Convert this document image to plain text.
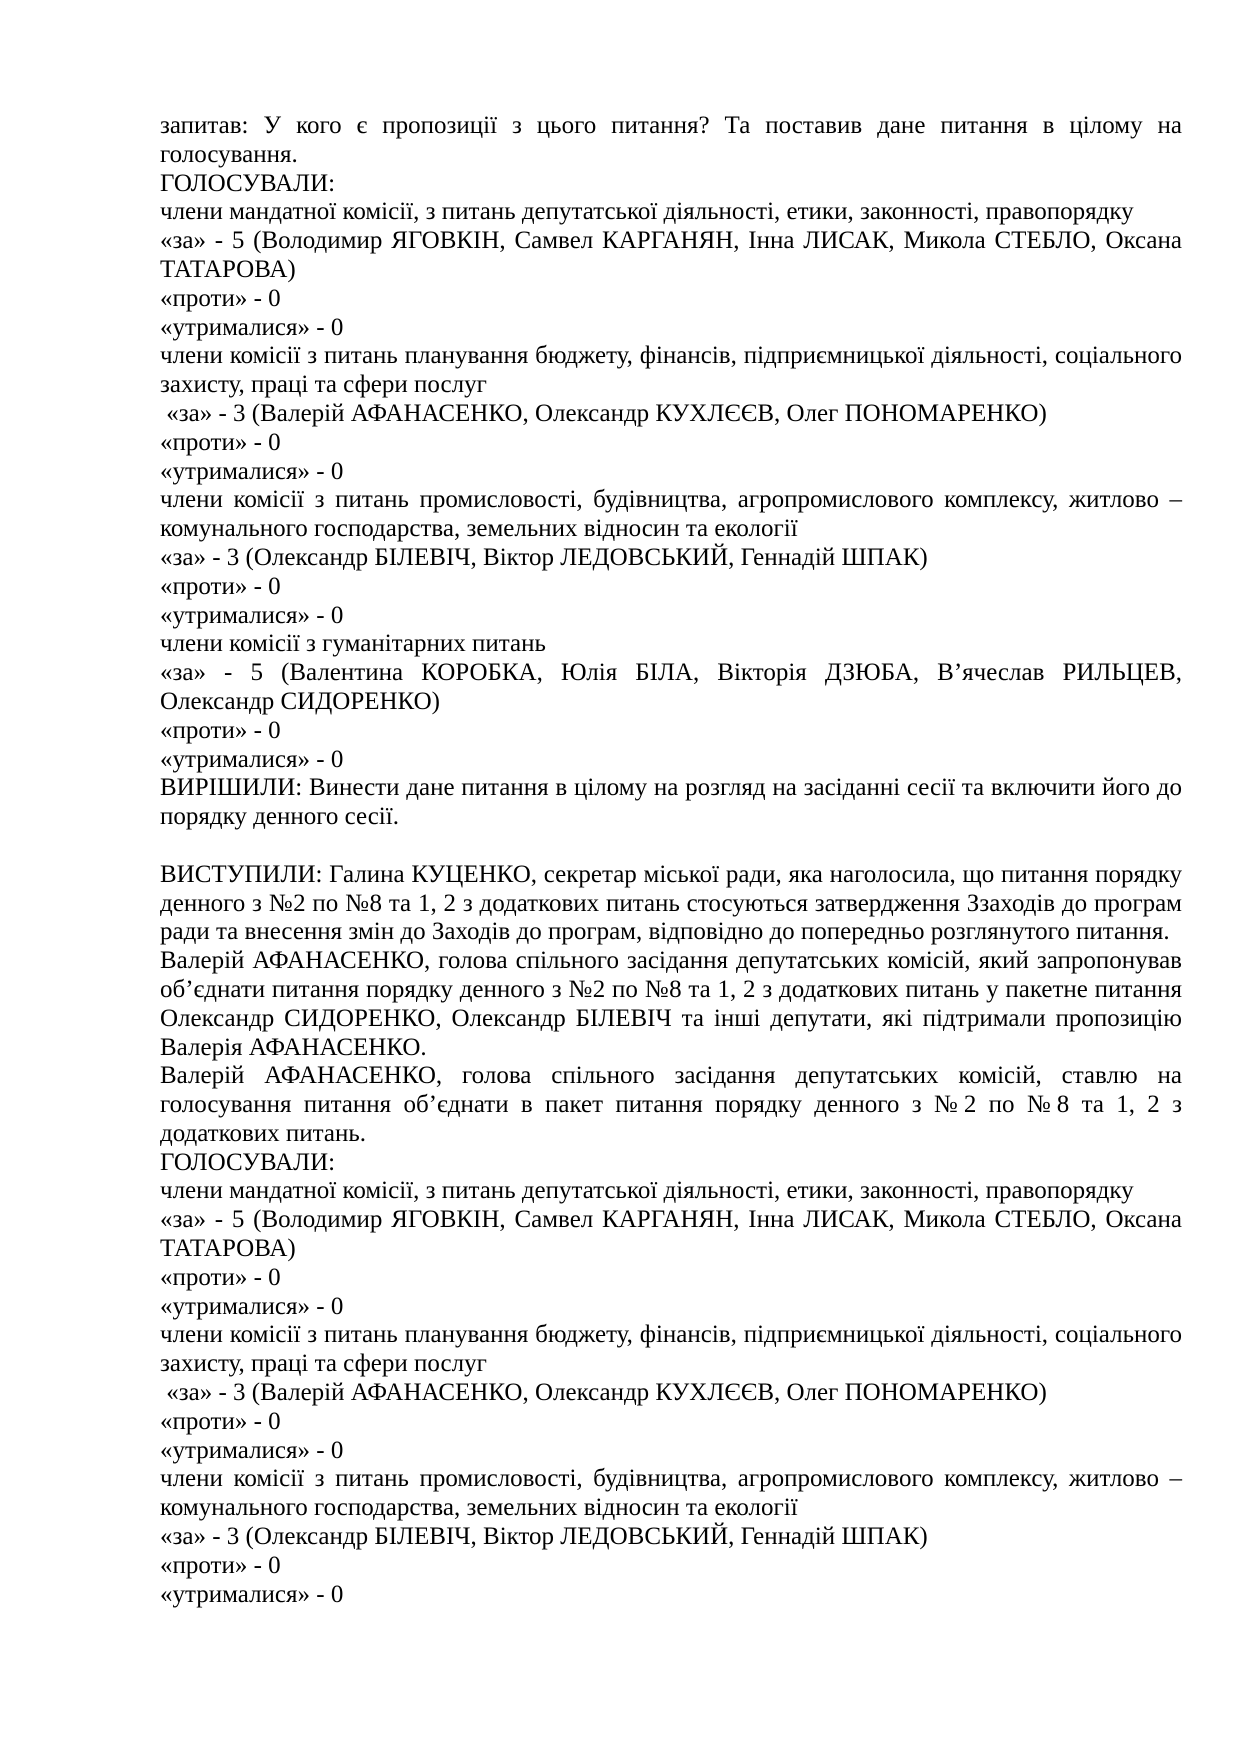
запитав: У кого є пропозиції з цього питання? Та поставив дане питання в цілому на голосування.

ГОЛОСУВАЛИ:

члени мандатної комісії, з питань депутатської діяльності, етики, законності, правопорядку

«за» - 5 (Володимир ЯГОВКІН, Самвел КАРГАНЯН, Інна ЛИСАК, Микола СТЕБЛО, Оксана ТАТАРОВА)

«проти» - 0

«утрималися» - 0

члени комісії з питань планування бюджету, фінансів, підприємницької діяльності, соціального захисту, праці та сфери послуг

«за» - 3 (Валерій АФАНАСЕНКО, Олександр КУХЛЄЄВ, Олег ПОНОМАРЕНКО)

«проти» - 0

«утрималися» - 0

члени комісії з питань промисловості, будівництва, агропромислового комплексу, житлово – комунального господарства, земельних відносин та екології

«за» - 3 (Олександр БІЛЕВІЧ, Віктор ЛЕДОВСЬКИЙ, Геннадій ШПАК)

«проти» - 0

«утрималися» - 0

члени комісії з гуманітарних питань

«за» - 5 (Валентина КОРОБКА, Юлія БІЛА, Вікторія ДЗЮБА, В’ячеслав РИЛЬЦЕВ, Олександр СИДОРЕНКО)

«проти» - 0

«утрималися» - 0

ВИРІШИЛИ: Винести дане питання в цілому на розгляд на засіданні сесії та включити його до порядку денного сесії.

ВИСТУПИЛИ: Галина КУЦЕНКО, секретар міської ради, яка наголосила, що питання порядку денного з №2 по №8 та 1, 2 з додаткових питань стосуються затвердження Ззаходів до програм ради та внесення змін до Заходів до програм, відповідно до попередньо розглянутого питання.

Валерій АФАНАСЕНКО, голова спільного засідання депутатських комісій, який запропонував об’єднати питання порядку денного з №2 по №8 та 1, 2 з додаткових питань у пакетне питання Олександр СИДОРЕНКО, Олександр БІЛЕВІЧ та інші депутати, які підтримали пропозицію Валерія АФАНАСЕНКО.

Валерій АФАНАСЕНКО, голова спільного засідання депутатських комісій, ставлю на голосування питання об’єднати в пакет питання порядку денного з №2 по №8 та 1, 2 з додаткових питань.

ГОЛОСУВАЛИ:

члени мандатної комісії, з питань депутатської діяльності, етики, законності, правопорядку

«за» - 5 (Володимир ЯГОВКІН, Самвел КАРГАНЯН, Інна ЛИСАК, Микола СТЕБЛО, Оксана ТАТАРОВА)

«проти» - 0

«утрималися» - 0

члени комісії з питань планування бюджету, фінансів, підприємницької діяльності, соціального захисту, праці та сфери послуг

«за» - 3 (Валерій АФАНАСЕНКО, Олександр КУХЛЄЄВ, Олег ПОНОМАРЕНКО)

«проти» - 0

«утрималися» - 0

члени комісії з питань промисловості, будівництва, агропромислового комплексу, житлово – комунального господарства, земельних відносин та екології

«за» - 3 (Олександр БІЛЕВІЧ, Віктор ЛЕДОВСЬКИЙ, Геннадій ШПАК)

«проти» - 0

«утрималися» - 0
